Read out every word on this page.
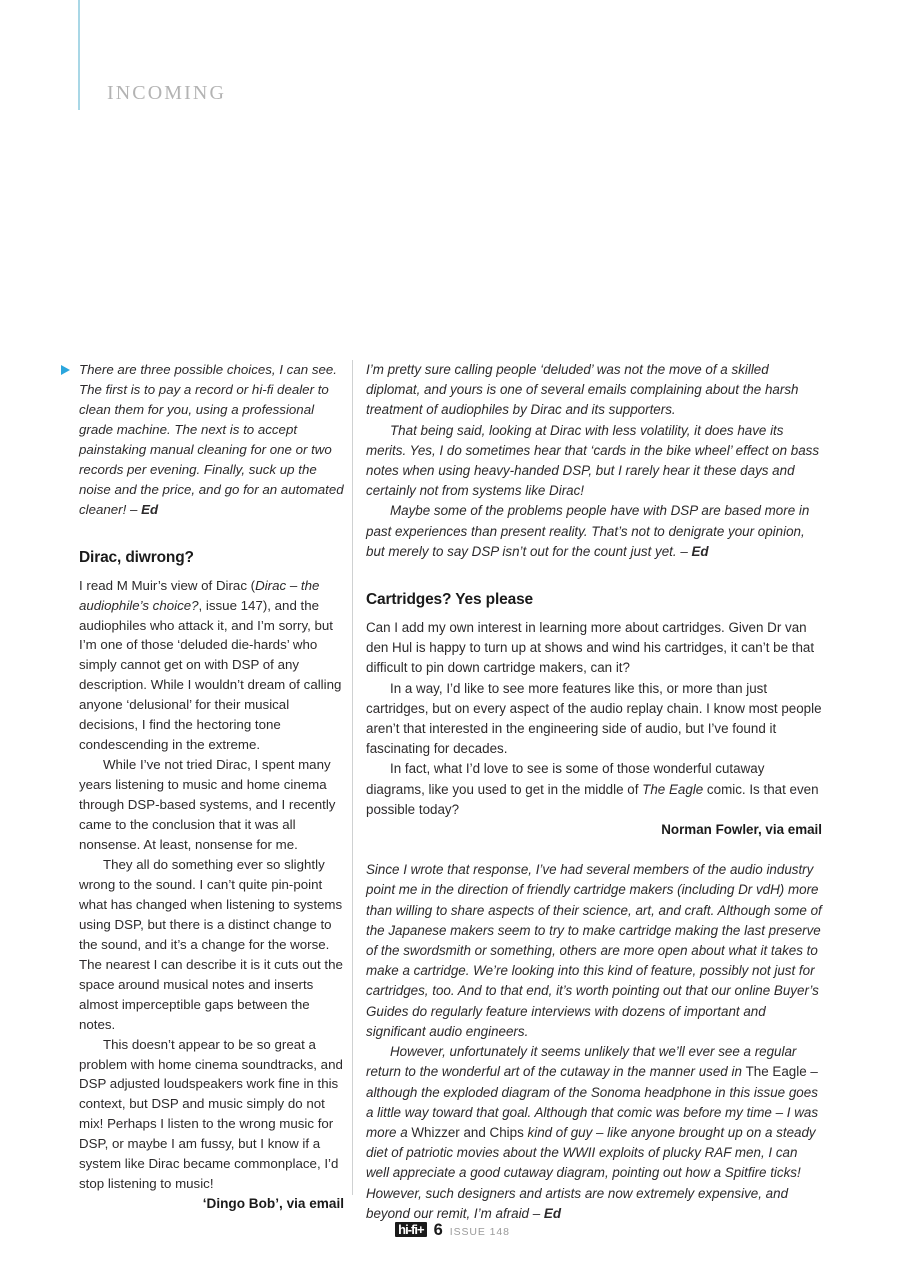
INCOMING

There are three possible choices, I can see. The first is to pay a record or hi-fi dealer to clean them for you, using a professional grade machine. The next is to accept painstaking manual cleaning for one or two records per evening. Finally, suck up the noise and the price, and go for an automated cleaner! – Ed

Dirac, diwrong?

I read M Muir’s view of Dirac (Dirac – the audiophile’s choice?, issue 147), and the audiophiles who attack it, and I’m sorry, but I’m one of those ‘deluded die-hards’ who simply cannot get on with DSP of any description. While I wouldn’t dream of calling anyone ‘delusional’ for their musical decisions, I find the hectoring tone condescending in the extreme.

While I’ve not tried Dirac, I spent many years listening to music and home cinema through DSP-based systems, and I recently came to the conclusion that it was all nonsense. At least, nonsense for me.

They all do something ever so slightly wrong to the sound. I can’t quite pin-point what has changed when listening to systems using DSP, but there is a distinct change to the sound, and it’s a change for the worse. The nearest I can describe it is it cuts out the space around musical notes and inserts almost imperceptible gaps between the notes.

This doesn’t appear to be so great a problem with home cinema soundtracks, and DSP adjusted loudspeakers work fine in this context, but DSP and music simply do not mix! Perhaps I listen to the wrong music for DSP, or maybe I am fussy, but I know if a system like Dirac became commonplace, I’d stop listening to music!

‘Dingo Bob’, via email

I’m pretty sure calling people ‘deluded’ was not the move of a skilled diplomat, and yours is one of several emails complaining about the harsh treatment of audiophiles by Dirac and its supporters.

That being said, looking at Dirac with less volatility, it does have its merits. Yes, I do sometimes hear that ‘cards in the bike wheel’ effect on bass notes when using heavy-handed DSP, but I rarely hear it these days and certainly not from systems like Dirac!

Maybe some of the problems people have with DSP are based more in past experiences than present reality. That’s not to denigrate your opinion, but merely to say DSP isn’t out for the count just yet. – Ed

Cartridges? Yes please

Can I add my own interest in learning more about cartridges. Given Dr van den Hul is happy to turn up at shows and wind his cartridges, it can’t be that difficult to pin down cartridge makers, can it?

In a way, I’d like to see more features like this, or more than just cartridges, but on every aspect of the audio replay chain. I know most people aren’t that interested in the engineering side of audio, but I’ve found it fascinating for decades.

In fact, what I’d love to see is some of those wonderful cutaway diagrams, like you used to get in the middle of The Eagle comic. Is that even possible today?

Norman Fowler, via email

Since I wrote that response, I’ve had several members of the audio industry point me in the direction of friendly cartridge makers (including Dr vdH) more than willing to share aspects of their science, art, and craft. Although some of the Japanese makers seem to try to make cartridge making the last preserve of the swordsmith or something, others are more open about what it takes to make a cartridge. We’re looking into this kind of feature, possibly not just for cartridges, too. And to that end, it’s worth pointing out that our online Buyer’s Guides do regularly feature interviews with dozens of important and significant audio engineers.

However, unfortunately it seems unlikely that we’ll ever see a regular return to the wonderful art of the cutaway in the manner used in The Eagle – although the exploded diagram of the Sonoma headphone in this issue goes a little way toward that goal. Although that comic was before my time – I was more a Whizzer and Chips kind of guy – like anyone brought up on a steady diet of patriotic movies about the WWII exploits of plucky RAF men, I can well appreciate a good cutaway diagram, pointing out how a Spitfire ticks! However, such designers and artists are now extremely expensive, and beyond our remit, I’m afraid – Ed

hi-fi+ 6 ISSUE 148
